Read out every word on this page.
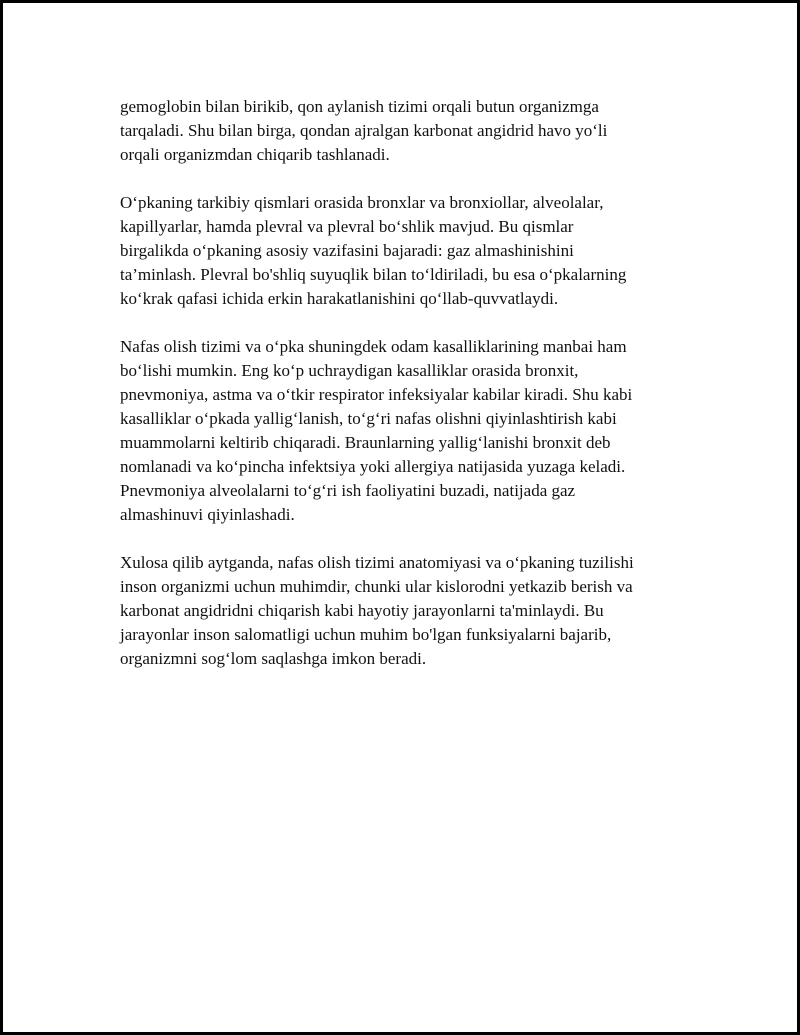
gemoglobin bilan birikib, qon aylanish tizimi orqali butun organizmga
tarqaladi. Shu bilan birga, qondan ajralgan karbonat angidrid havo yo‘li
orqali organizmdan chiqarib tashlanadi.

O‘pkaning tarkibiy qismlari orasida bronxlar va bronxiollar, alveolalar,
kapillyarlar, hamda plevral va plevral bo‘shlik mavjud. Bu qismlar
birgalikda o‘pkaning asosiy vazifasini bajaradi: gaz almashinishini
ta’minlash. Plevral bo'shliq suyuqlik bilan to‘ldiriladi, bu esa o‘pkalarning
ko‘krak qafasi ichida erkin harakatlanishini qo‘llab-quvvatlaydi.

Nafas olish tizimi va o‘pka shuningdek odam kasalliklarining manbai ham
bo‘lishi mumkin. Eng ko‘p uchraydigan kasalliklar orasida bronxit,
pnevmoniya, astma va o‘tkir respirator infeksiyalar kabilar kiradi. Shu kabi
kasalliklar o‘pkada yallig‘lanish, to‘g‘ri nafas olishni qiyinlashtirish kabi
muammolarni keltirib chiqaradi. Braunlarning yallig‘lanishi bronxit deb
nomlanadi va ko‘pincha infektsiya yoki allergiya natijasida yuzaga keladi.
Pnevmoniya alveolalarni to‘g‘ri ish faoliyatini buzadi, natijada gaz
almashinuvi qiyinlashadi.

Xulosa qilib aytganda, nafas olish tizimi anatomiyasi va o‘pkaning tuzilishi
inson organizmi uchun muhimdir, chunki ular kislorodni yetkazib berish va
karbonat angidridni chiqarish kabi hayotiy jarayonlarni ta'minlaydi. Bu
jarayonlar inson salomatligi uchun muhim bo'lgan funksiyalarni bajarib,
organizmni sog‘lom saqlashga imkon beradi.
